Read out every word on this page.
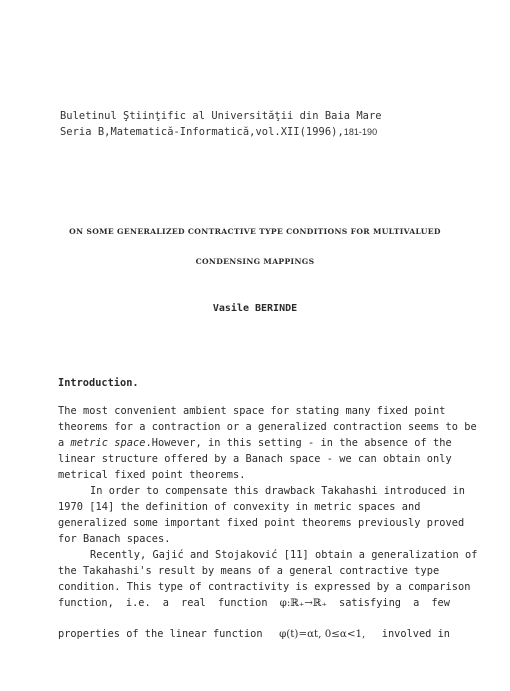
Buletinul Ştiinţific al Universităţii din Baia Mare
Seria B,Matematică-Informatică,vol.XII(1996),181-190
ON SOME GENERALIZED CONTRACTIVE TYPE CONDITIONS FOR MULTIVALUED
CONDENSING MAPPINGS
Vasile BERINDE
Introduction.
The most convenient ambient space for stating many fixed point
theorems for a contraction or a generalized contraction seems to be
a metric space.However, in this setting - in the absence of the
linear structure offered by a Banach space - we can obtain only
metrical fixed point theorems.
In order to compensate this drawback Takahashi introduced in
1970 [14] the definition of convexity in metric spaces and
generalized some important fixed point theorems previously proved
for Banach spaces.
Recently, Gajić and Stojaković [11] obtain a generalization of
the Takahashi's result by means of a general contractive type
condition. This type of contractivity is expressed by a comparison
function, i.e. a real function φ:ℝ₊→ℝ₊ satisfying a few
properties of the linear function φ(t)=αt, 0≤α<1, involved in
